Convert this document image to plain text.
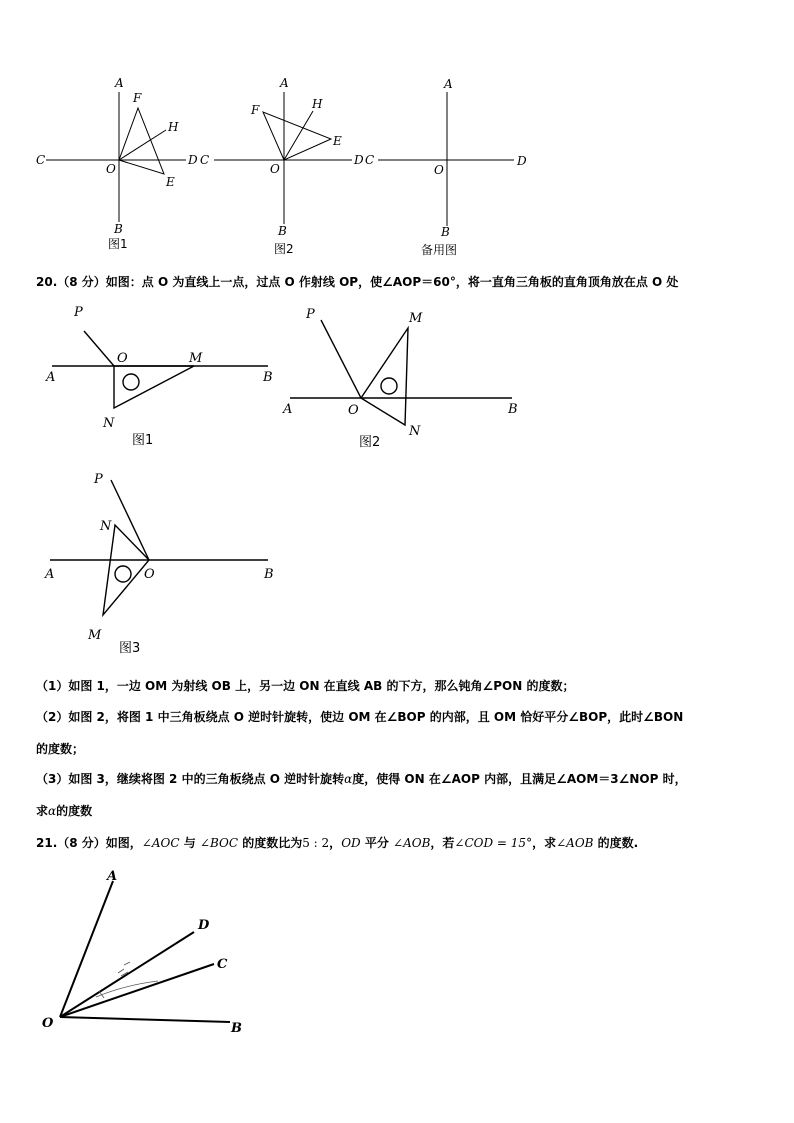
A
F
H
C
O
D
E
B
A
F	H
E
C
O
D
B
A
C
O
D
B
图1	图2	备用图
20.（8 分）如图：点 O 为直线上一点，过点 O 作射线 OP，使∠AOP＝60°，将一直角三角板的直角顶角放在点 O 处
P
O	M
A	B
N
P	M
A	O	B
N
P
N
A	O	B
M
图1	图2
图3
（1）如图 1，一边 OM 为射线 OB 上，另一边 ON 在直线 AB 的下方，那么钝角∠PON 的度数；
（2）如图 2，将图 1 中三角板绕点 O 逆时针旋转，使边 OM 在∠BOP 的内部，且 OM 恰好平分∠BOP，此时∠BON
的度数；
（3）如图 3，继续将图 2 中的三角板绕点 O 逆时针旋转α度，使得 ON 在∠AOP 内部，且满足∠AOM＝3∠NOP 时，
求α的度数
21.（8 分）如图，∠AOC 与 ∠BOC 的度数比为5 : 2，OD 平分 ∠AOB，若∠COD = 15°，求∠AOB 的度数.
A
D
C
O	B
